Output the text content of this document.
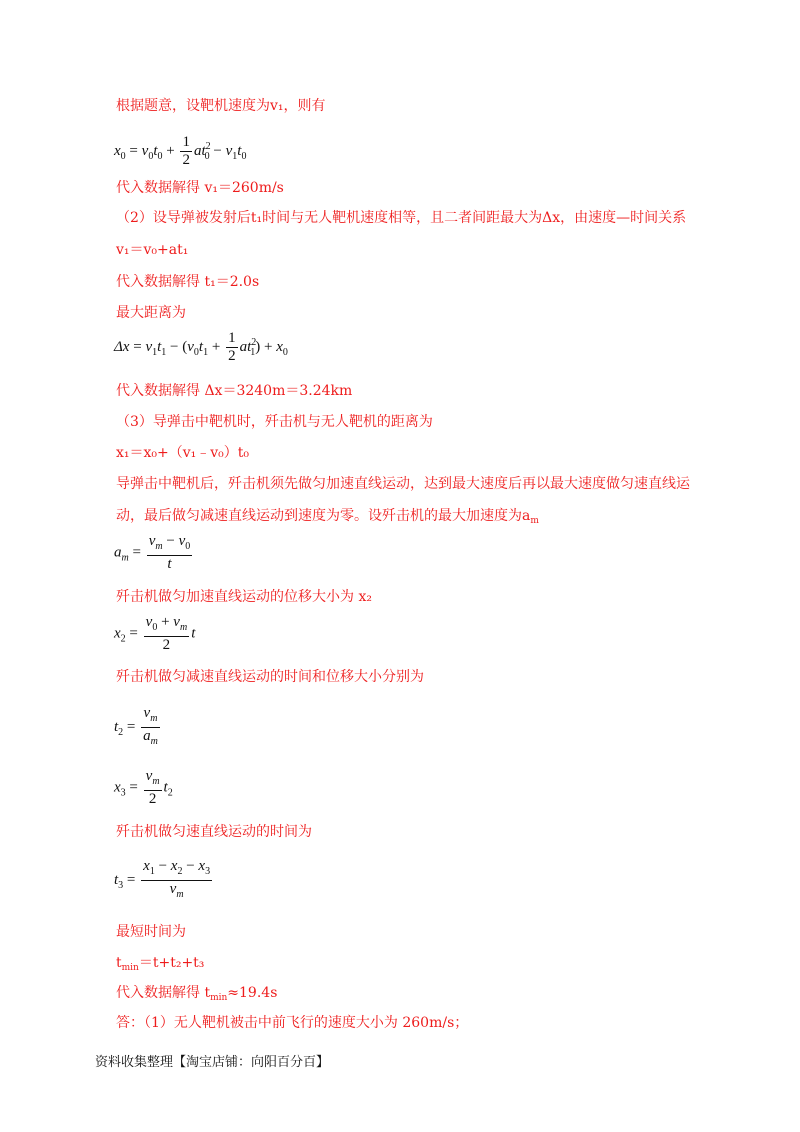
根据题意，设靶机速度为v₁，则有
$x_0 = v_0t_0 + \frac{1}{2} at^2_0 - v_1t_0$
代入数据解得 v₁＝260m/s
（2）设导弹被发射后t₁时间与无人靶机速度相等，且二者间距最大为Δx，由速度—时间关系
v₁＝v₀+at₁
代入数据解得 t₁＝2.0s
最大距离为
$\Delta x = v_1t_1 - (v_0t_1 + \frac{1}{2} at^2_1) + x_0$
代入数据解得 Δx＝3240m＝3.24km
（3）导弹击中靶机时，歼击机与无人靶机的距离为
x₁＝x₀+（v₁﹣v₀）t₀
导弹击中靶机后，歼击机须先做匀加速直线运动，达到最大速度后再以最大速度做匀速直线运
动，最后做匀减速直线运动到速度为零。设歼击机的最大加速度为$a_m$
$a_m = \frac{v_m - v_0}{t}$
歼击机做匀加速直线运动的位移大小为 x₂
$x_2 = \frac{v_0 + v_m}{2}$ t
歼击机做匀减速直线运动的时间和位移大小分别为
$t_2 = \frac{v_m}{a_m}$
$x_3 = \frac{v_m}{2} t_2$
歼击机做匀速直线运动的时间为
$t_3 = \frac{x_1 - x_2 - x_3}{v_m}$
最短时间为
$t_{min}=t+t_2+t_3$
代入数据解得 $t_{min}\approx 19.4s$
答：（1）无人靶机被击中前飞行的速度大小为 260m/s；
资料收集整理【淘宝店铺：向阳百分百】
